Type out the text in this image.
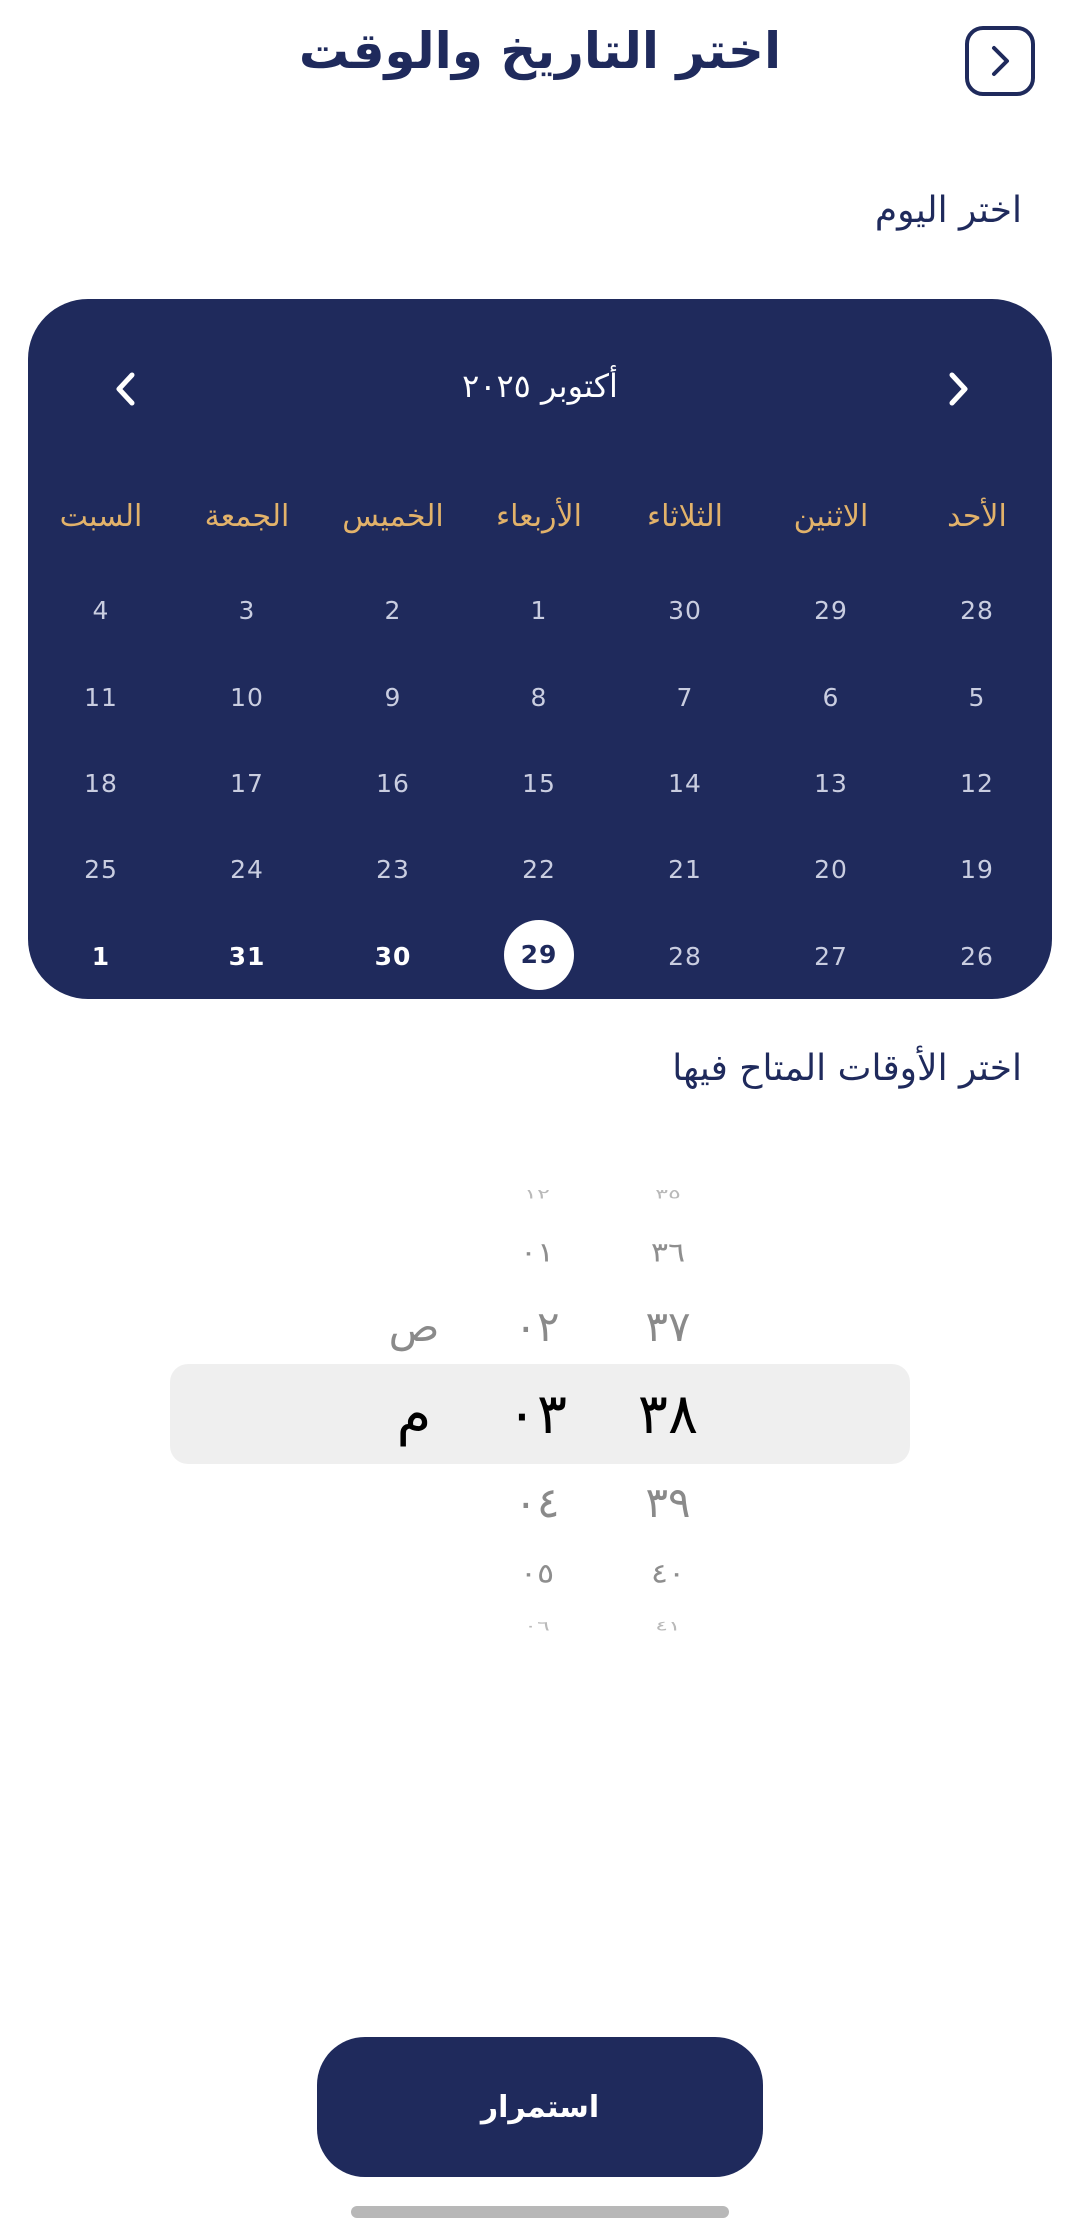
اختر التاريخ والوقت
اختر اليوم
أكتوبر ٢٠٢٥
الأحد
الاثنين
الثلاثاء
الأربعاء
الخميس
الجمعة
السبت
28
29
30
1
2
3
4
5
6
7
8
9
10
11
12
13
14
15
16
17
18
19
20
21
22
23
24
25
26
27
28
29
30
31
1
اختر الأوقات المتاح فيها
١٢
٠١
٠٢
٠٣
٠٤
٠٥
٠٦
٣٥
٣٦
٣٧
٣٨
٣٩
٤٠
٤١
ص
م
استمرار
